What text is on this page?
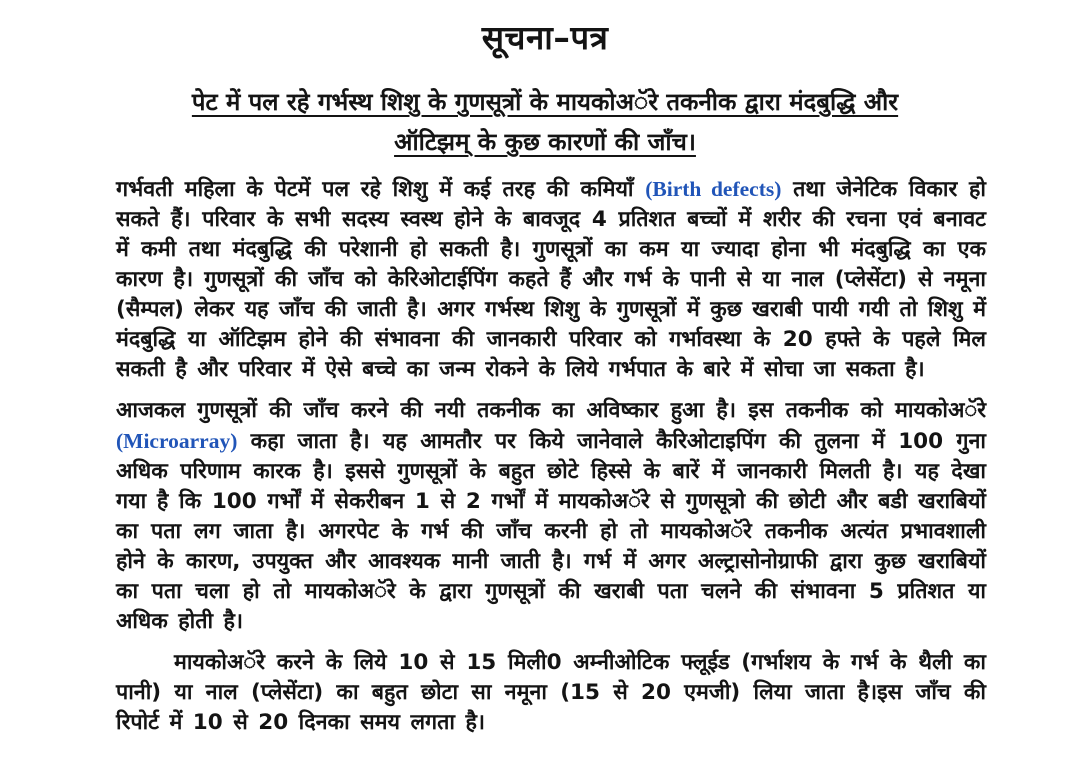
सूचना–पत्र
पेट में पल रहे गर्भस्थ शिशु के गुणसूत्रों के मायकोअॅरे तकनीक द्वारा मंदबुद्धि और
ऑटिझम् के कुछ कारणों की जाँच।
गर्भवती महिला के पेटमें पल रहे शिशु में कई तरह की कमियाँ (Birth defects) तथा जेनेटिक विकार हो सकते हैं। परिवार के सभी सदस्य स्वस्थ होने के बावजूद 4 प्रतिशत बच्चों में शरीर की रचना एवं बनावट में कमी तथा मंदबुद्धि की परेशानी हो सकती है। गुणसूत्रों का कम या ज्यादा होना भी मंदबुद्धि का एक कारण है। गुणसूत्रों की जाँच को केरिओटाईपिंग कहते हैं और गर्भ के पानी से या नाल (प्लेसेंटा) से नमूना (सैम्पल) लेकर यह जाँच की जाती है। अगर गर्भस्थ शिशु के गुणसूत्रों में कुछ खराबी पायी गयी तो शिशु में मंदबुद्धि या ऑटिझम होने की संभावना की जानकारी परिवार को गर्भावस्था के 20 हफ्ते के पहले मिल सकती है और परिवार में ऐसे बच्चे का जन्म रोकने के लिये गर्भपात के बारे में सोचा जा सकता है।
आजकल गुणसूत्रों की जाँच करने की नयी तकनीक का अविष्कार हुआ है। इस तकनीक को मायकोअॅरे (Microarray) कहा जाता है। यह आमतौर पर किये जानेवाले कैरिओटाइपिंग की तुलना में 100 गुना अधिक परिणाम कारक है। इससे गुणसूत्रों के बहुत छोटे हिस्से के बारें में जानकारी मिलती है। यह देखा गया है कि 100 गर्भों में सेकरीबन 1 से 2 गर्भों में मायकोअॅरे से गुणसूत्रो की छोटी और बडी खराबियों का पता लग जाता है। अगरपेट के गर्भ की जाँच करनी हो तो मायकोअॅरे तकनीक अत्यंत प्रभावशाली होने के कारण, उपयुक्त और आवश्यक मानी जाती है। गर्भ में अगर अल्ट्रासोनोग्राफी द्वारा कुछ खराबियों का पता चला हो तो मायकोअॅरे के द्वारा गुणसूत्रों की खराबी पता चलने की संभावना 5 प्रतिशत या अधिक होती है।
मायकोअॅरे करने के लिये 10 से 15 मिली0 अम्नीओटिक फ्लूईड (गर्भाशय के गर्भ के थैली का पानी) या नाल (प्लेसेंटा) का बहुत छोटा सा नमूना (15 से 20 एमजी) लिया जाता है।इस जाँच की रिपोर्ट में 10 से 20 दिनका समय लगता है।
